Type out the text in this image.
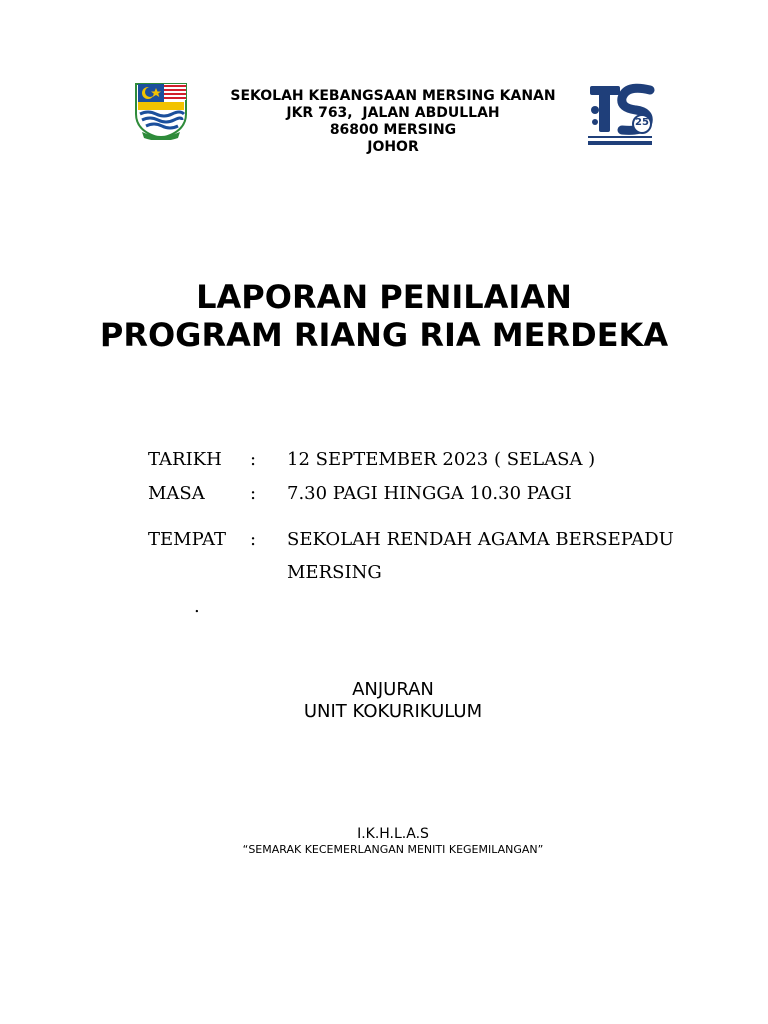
SEKOLAH KEBANGSAAN MERSING KANAN
JKR 763,  JALAN ABDULLAH
86800 MERSING
JOHOR
25
LAPORAN PENILAIAN
PROGRAM RIANG RIA MERDEKA
TARIKH : 12 SEPTEMBER 2023 ( SELASA )
MASA	: 7.30 PAGI HINGGA 10.30 PAGI
TEMPAT : SEKOLAH RENDAH AGAMA BERSEPADU
MERSING
.
ANJURAN
UNIT KOKURIKULUM
I.K.H.L.A.S
“SEMARAK KECEMERLANGAN MENITI KEGEMILANGAN”
